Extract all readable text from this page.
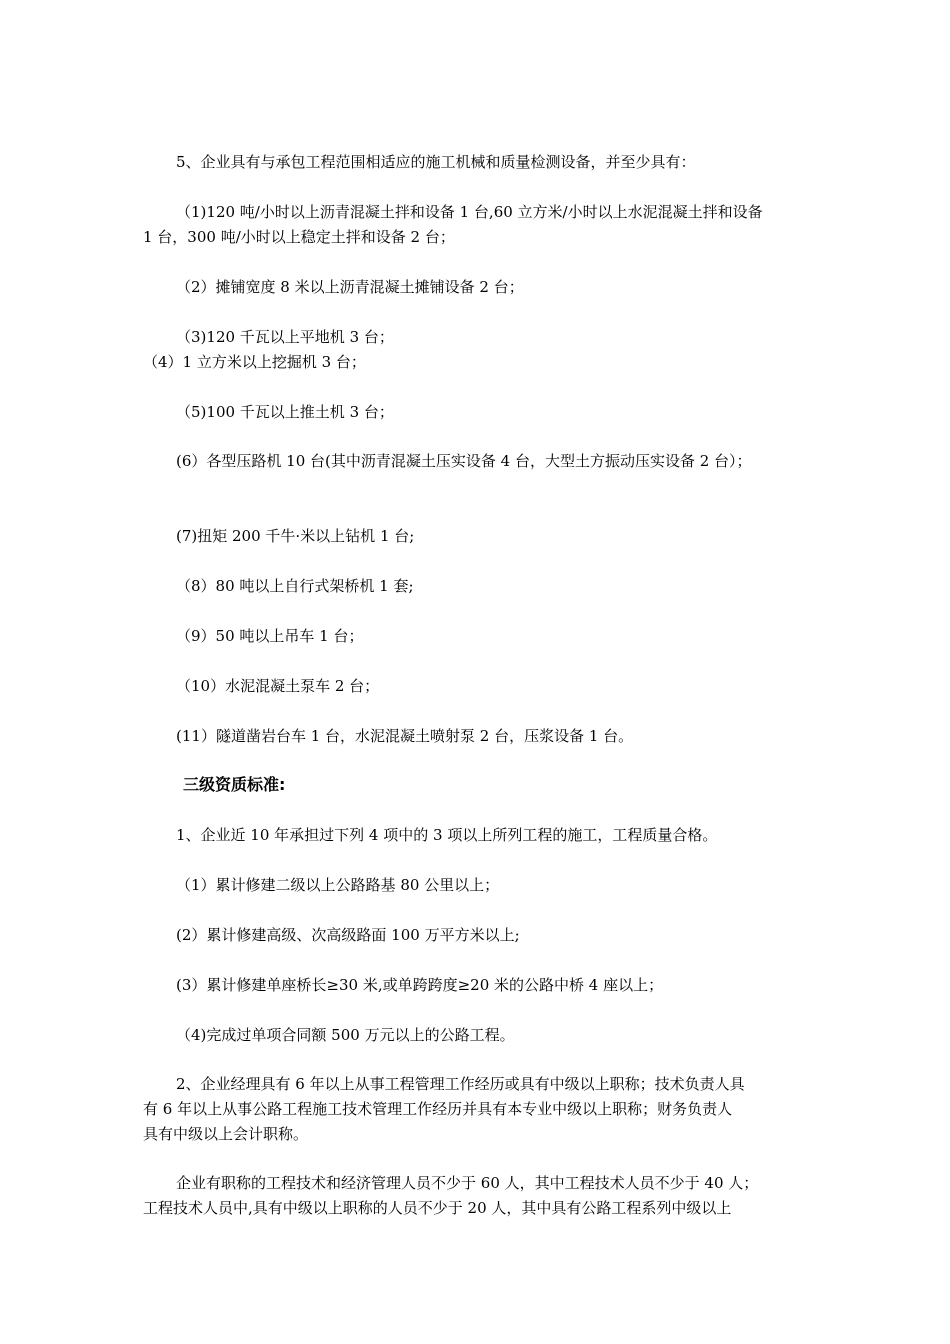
5、企业具有与承包工程范围相适应的施工机械和质量检测设备，并至少具有：

（1)120 吨/小时以上沥青混凝土拌和设备 1 台,60 立方米/小时以上水泥混凝土拌和设备

1 台，300 吨/小时以上稳定土拌和设备 2 台；

（2）摊铺宽度 8 米以上沥青混凝土摊铺设备 2 台；

（3)120 千瓦以上平地机 3 台；

（4）1 立方米以上挖掘机 3 台；

（5)100 千瓦以上推土机 3 台；

(6）各型压路机 10 台(其中沥青混凝土压实设备 4 台，大型土方振动压实设备 2 台）；

(7)扭矩 200 千牛·米以上钻机 1 台;

（8）80 吨以上自行式架桥机 1 套;

（9）50 吨以上吊车 1 台；

（10）水泥混凝土泵车 2 台；

(11）隧道凿岩台车 1 台，水泥混凝土喷射泵 2 台，压浆设备 1 台。

三级资质标准:

1、企业近 10 年承担过下列 4 项中的 3 项以上所列工程的施工，工程质量合格。

（1）累计修建二级以上公路路基 80 公里以上；

(2）累计修建高级、次高级路面 100 万平方米以上;

(3）累计修建单座桥长≥30 米,或单跨跨度≥20 米的公路中桥 4 座以上；

（4)完成过单项合同额 500 万元以上的公路工程。

2、企业经理具有 6 年以上从事工程管理工作经历或具有中级以上职称；技术负责人具

有 6 年以上从事公路工程施工技术管理工作经历并具有本专业中级以上职称；财务负责人

具有中级以上会计职称。

企业有职称的工程技术和经济管理人员不少于 60 人，其中工程技术人员不少于 40 人；

工程技术人员中,具有中级以上职称的人员不少于 20 人，其中具有公路工程系列中级以上
